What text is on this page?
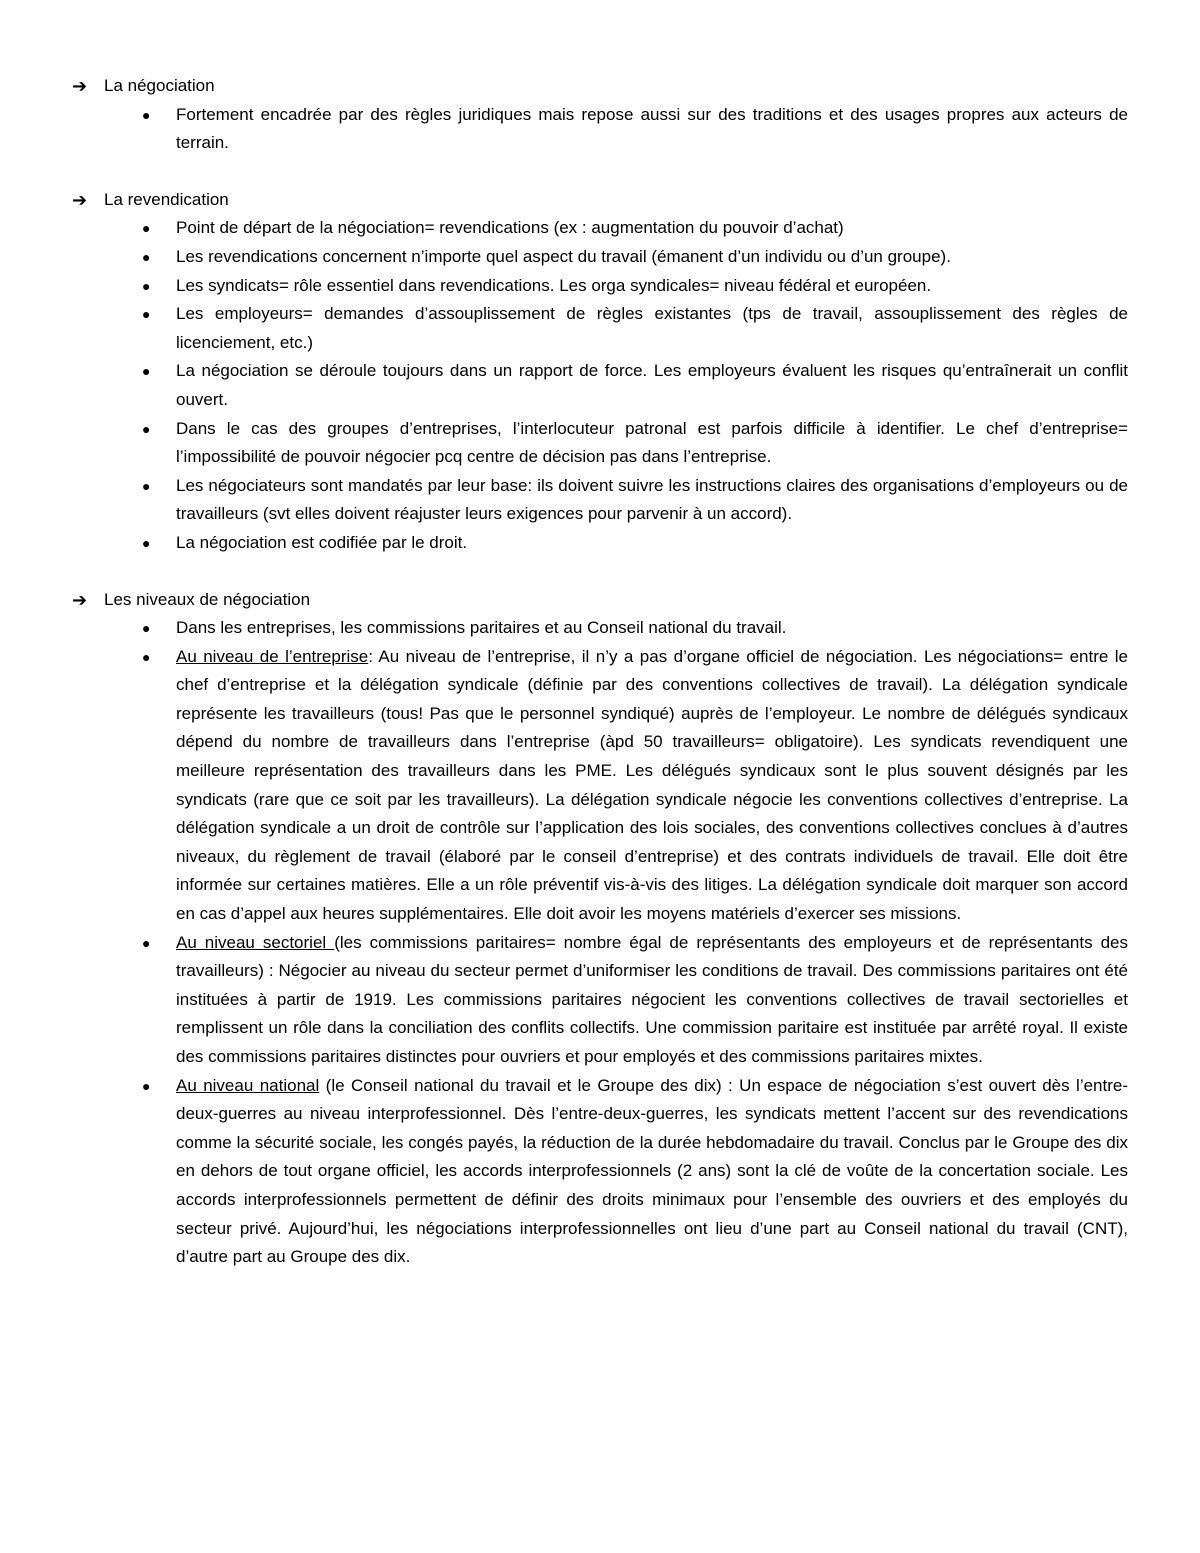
➔ La négociation
● Fortement encadrée par des règles juridiques mais repose aussi sur des traditions et des usages propres aux acteurs de terrain.
➔ La revendication
● Point de départ de la négociation= revendications (ex : augmentation du pouvoir d’achat)
● Les revendications concernent n’importe quel aspect du travail (émanent d’un individu ou d’un groupe).
● Les syndicats= rôle essentiel dans revendications. Les orga syndicales= niveau fédéral et européen.
● Les employeurs= demandes d’assouplissement de règles existantes (tps de travail, assouplissement des règles de licenciement, etc.)
● La négociation se déroule toujours dans un rapport de force. Les employeurs évaluent les risques qu’entraînerait un conflit ouvert.
● Dans le cas des groupes d’entreprises, l’interlocuteur patronal est parfois difficile à identifier. Le chef d’entreprise= l’impossibilité de pouvoir négocier pcq centre de décision pas dans l’entreprise.
● Les négociateurs sont mandatés par leur base: ils doivent suivre les instructions claires des organisations d’employeurs ou de travailleurs (svt elles doivent réajuster leurs exigences pour parvenir à un accord).
● La négociation est codifiée par le droit.
➔ Les niveaux de négociation
● Dans les entreprises, les commissions paritaires et au Conseil national du travail.
● Au niveau de l’entreprise: Au niveau de l’entreprise, il n’y a pas d’organe officiel de négociation. Les négociations= entre le chef d’entreprise et la délégation syndicale (définie par des conventions collectives de travail). La délégation syndicale représente les travailleurs (tous! Pas que le personnel syndiqué) auprès de l’employeur. Le nombre de délégués syndicaux dépend du nombre de travailleurs dans l’entreprise (àpd 50 travailleurs= obligatoire). Les syndicats revendiquent une meilleure représentation des travailleurs dans les PME. Les délégués syndicaux sont le plus souvent désignés par les syndicats (rare que ce soit par les travailleurs). La délégation syndicale négocie les conventions collectives d’entreprise. La délégation syndicale a un droit de contrôle sur l’application des lois sociales, des conventions collectives conclues à d’autres niveaux, du règlement de travail (élaboré par le conseil d’entreprise) et des contrats individuels de travail. Elle doit être informée sur certaines matières. Elle a un rôle préventif vis-à-vis des litiges. La délégation syndicale doit marquer son accord en cas d’appel aux heures supplémentaires. Elle doit avoir les moyens matériels d’exercer ses missions.
● Au niveau sectoriel (les commissions paritaires= nombre égal de représentants des employeurs et de représentants des travailleurs) : Négocier au niveau du secteur permet d’uniformiser les conditions de travail. Des commissions paritaires ont été instituées à partir de 1919. Les commissions paritaires négocient les conventions collectives de travail sectorielles et remplissent un rôle dans la conciliation des conflits collectifs. Une commission paritaire est instituée par arrêté royal. Il existe des commissions paritaires distinctes pour ouvriers et pour employés et des commissions paritaires mixtes.
● Au niveau national (le Conseil national du travail et le Groupe des dix) : Un espace de négociation s’est ouvert dès l’entre-deux-guerres au niveau interprofessionnel. Dès l’entre-deux-guerres, les syndicats mettent l’accent sur des revendications comme la sécurité sociale, les congés payés, la réduction de la durée hebdomadaire du travail. Conclus par le Groupe des dix en dehors de tout organe officiel, les accords interprofessionnels (2 ans) sont la clé de voûte de la concertation sociale. Les accords interprofessionnels permettent de définir des droits minimaux pour l’ensemble des ouvriers et des employés du secteur privé. Aujourd’hui, les négociations interprofessionnelles ont lieu d’une part au Conseil national du travail (CNT), d’autre part au Groupe des dix.
